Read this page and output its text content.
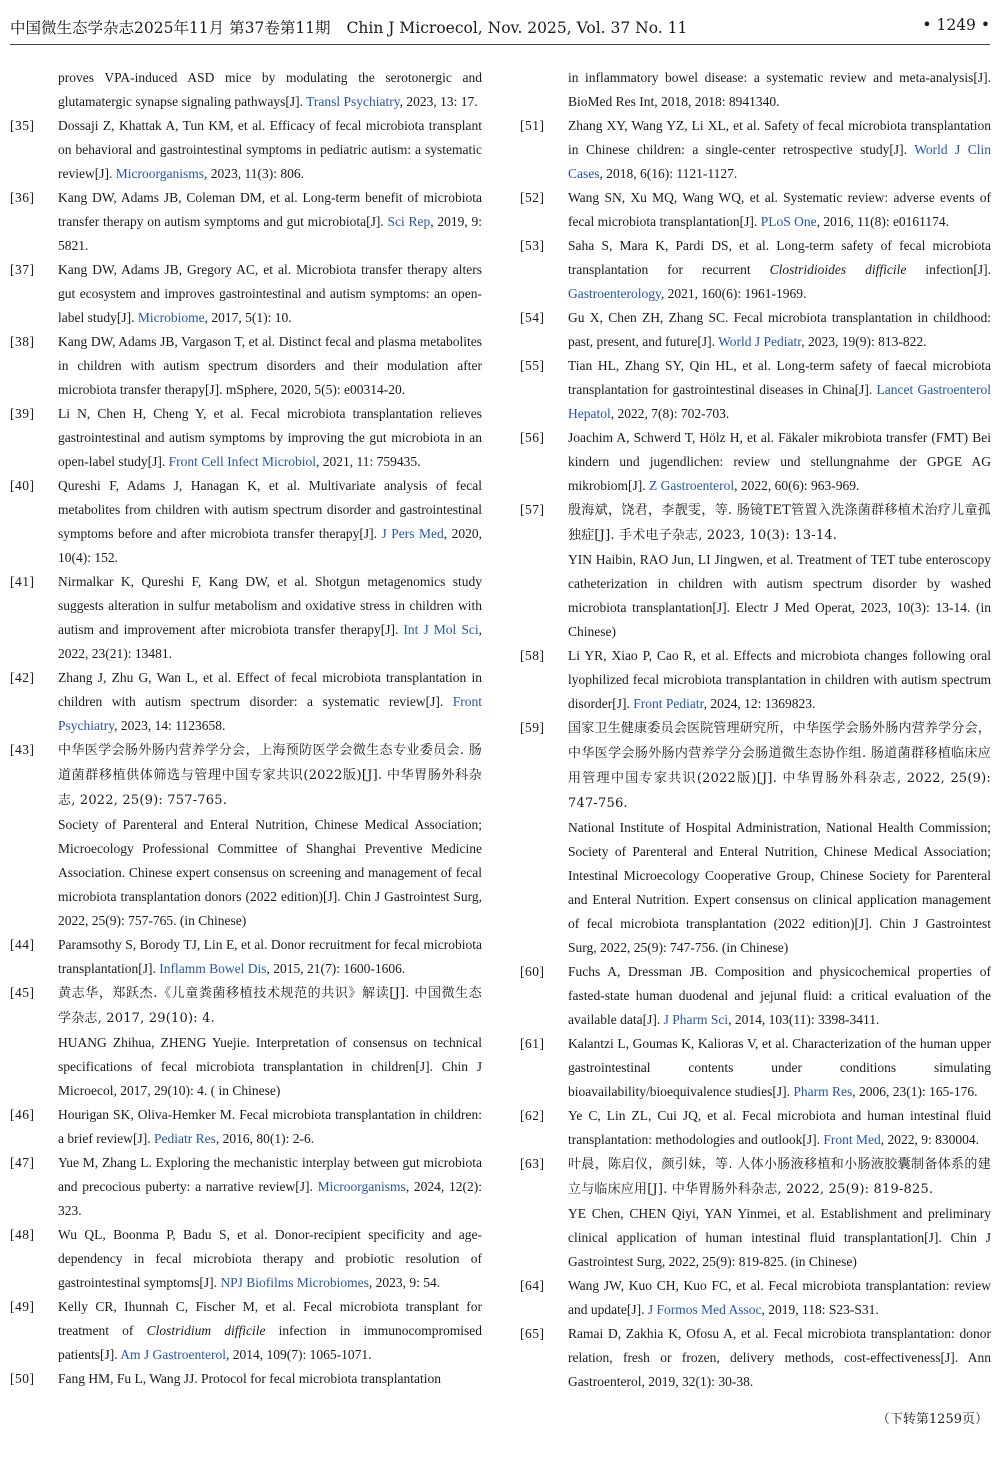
中国微生态学杂志2025年11月 第37卷第11期 Chin J Microecol, Nov. 2025, Vol. 37 No. 11	• 1249 •
proves VPA-induced ASD mice by modulating the serotonergic and glutamatergic synapse signaling pathways[J]. Transl Psychiatry, 2023, 13: 17.
[35] Dossaji Z, Khattak A, Tun KM, et al. Efficacy of fecal microbiota transplant on behavioral and gastrointestinal symptoms in pediatric autism: a systematic review[J]. Microorganisms, 2023, 11(3): 806.
[36] Kang DW, Adams JB, Coleman DM, et al. Long-term benefit of microbiota transfer therapy on autism symptoms and gut microbiota[J]. Sci Rep, 2019, 9: 5821.
[37] Kang DW, Adams JB, Gregory AC, et al. Microbiota transfer therapy alters gut ecosystem and improves gastrointestinal and autism symptoms: an open-label study[J]. Microbiome, 2017, 5(1): 10.
[38] Kang DW, Adams JB, Vargason T, et al. Distinct fecal and plasma metabolites in children with autism spectrum disorders and their modulation after microbiota transfer therapy[J]. mSphere, 2020, 5(5): e00314-20.
[39] Li N, Chen H, Cheng Y, et al. Fecal microbiota transplantation relieves gastrointestinal and autism symptoms by improving the gut microbiota in an open-label study[J]. Front Cell Infect Microbiol, 2021, 11: 759435.
[40] Qureshi F, Adams J, Hanagan K, et al. Multivariate analysis of fecal metabolites from children with autism spectrum disorder and gastrointestinal symptoms before and after microbiota transfer therapy[J]. J Pers Med, 2020, 10(4): 152.
[41] Nirmalkar K, Qureshi F, Kang DW, et al. Shotgun metagenomics study suggests alteration in sulfur metabolism and oxidative stress in children with autism and improvement after microbiota transfer therapy[J]. Int J Mol Sci, 2022, 23(21): 13481.
[42] Zhang J, Zhu G, Wan L, et al. Effect of fecal microbiota transplantation in children with autism spectrum disorder: a systematic review[J]. Front Psychiatry, 2023, 14: 1123658.
[43] 中华医学会肠外肠内营养学分会，上海预防医学会微生态专业委员会. 肠道菌群移植供体筛选与管理中国专家共识(2022版)[J]. 中华胃肠外科杂志, 2022, 25(9): 757-765.
Society of Parenteral and Enteral Nutrition, Chinese Medical Association; Microecology Professional Committee of Shanghai Preventive Medicine Association. Chinese expert consensus on screening and management of fecal microbiota transplantation donors (2022 edition)[J]. Chin J Gastrointest Surg, 2022, 25(9): 757-765. (in Chinese)
[44] Paramsothy S, Borody TJ, Lin E, et al. Donor recruitment for fecal microbiota transplantation[J]. Inflamm Bowel Dis, 2015, 21(7): 1600-1606.
[45] 黄志华，郑跃杰.《儿童粪菌移植技术规范的共识》解读[J]. 中国微生态学杂志, 2017, 29(10): 4.
HUANG Zhihua, ZHENG Yuejie. Interpretation of consensus on technical specifications of fecal microbiota transplantation in children[J]. Chin J Microecol, 2017, 29(10): 4. ( in Chinese)
[46] Hourigan SK, Oliva-Hemker M. Fecal microbiota transplantation in children: a brief review[J]. Pediatr Res, 2016, 80(1): 2-6.
[47] Yue M, Zhang L. Exploring the mechanistic interplay between gut microbiota and precocious puberty: a narrative review[J]. Microorganisms, 2024, 12(2): 323.
[48] Wu QL, Boonma P, Badu S, et al. Donor-recipient specificity and age-dependency in fecal microbiota therapy and probiotic resolution of gastrointestinal symptoms[J]. NPJ Biofilms Microbiomes, 2023, 9: 54.
[49] Kelly CR, Ihunnah C, Fischer M, et al. Fecal microbiota transplant for treatment of Clostridium difficile infection in immunocompromised patients[J]. Am J Gastroenterol, 2014, 109(7): 1065-1071.
[50] Fang HM, Fu L, Wang JJ. Protocol for fecal microbiota transplantation
in inflammatory bowel disease: a systematic review and meta-analysis[J]. BioMed Res Int, 2018, 2018: 8941340.
[51] Zhang XY, Wang YZ, Li XL, et al. Safety of fecal microbiota transplantation in Chinese children: a single-center retrospective study[J]. World J Clin Cases, 2018, 6(16): 1121-1127.
[52] Wang SN, Xu MQ, Wang WQ, et al. Systematic review: adverse events of fecal microbiota transplantation[J]. PLoS One, 2016, 11(8): e0161174.
[53] Saha S, Mara K, Pardi DS, et al. Long-term safety of fecal microbiota transplantation for recurrent Clostridioides difficile infection[J]. Gastroenterology, 2021, 160(6): 1961-1969.
[54] Gu X, Chen ZH, Zhang SC. Fecal microbiota transplantation in childhood: past, present, and future[J]. World J Pediatr, 2023, 19(9): 813-822.
[55] Tian HL, Zhang SY, Qin HL, et al. Long-term safety of faecal microbiota transplantation for gastrointestinal diseases in China[J]. Lancet Gastroenterol Hepatol, 2022, 7(8): 702-703.
[56] Joachim A, Schwerd T, Hölz H, et al. Fäkaler mikrobiota transfer (FMT) Bei kindern und jugendlichen: review und stellungnahme der GPGE AG mikrobiom[J]. Z Gastroenterol, 2022, 60(6): 963-969.
[57] 殷海斌，饶君，李靓雯，等. 肠镜TET管置入洗涤菌群移植术治疗儿童孤独症[J]. 手术电子杂志, 2023, 10(3): 13-14.
YIN Haibin, RAO Jun, LI Jingwen, et al. Treatment of TET tube enteroscopy catheterization in children with autism spectrum disorder by washed microbiota transplantation[J]. Electr J Med Operat, 2023, 10(3): 13-14. (in Chinese)
[58] Li YR, Xiao P, Cao R, et al. Effects and microbiota changes following oral lyophilized fecal microbiota transplantation in children with autism spectrum disorder[J]. Front Pediatr, 2024, 12: 1369823.
[59] 国家卫生健康委员会医院管理研究所，中华医学会肠外肠内营养学分会，中华医学会肠外肠内营养学分会肠道微生态协作组. 肠道菌群移植临床应用管理中国专家共识(2022版)[J]. 中华胃肠外科杂志, 2022, 25(9): 747-756.
National Institute of Hospital Administration, National Health Commission; Society of Parenteral and Enteral Nutrition, Chinese Medical Association; Intestinal Microecology Cooperative Group, Chinese Society for Parenteral and Enteral Nutrition. Expert consensus on clinical application management of fecal microbiota transplantation (2022 edition)[J]. Chin J Gastrointest Surg, 2022, 25(9): 747-756. (in Chinese)
[60] Fuchs A, Dressman JB. Composition and physicochemical properties of fasted-state human duodenal and jejunal fluid: a critical evaluation of the available data[J]. J Pharm Sci, 2014, 103(11): 3398-3411.
[61] Kalantzi L, Goumas K, Kalioras V, et al. Characterization of the human upper gastrointestinal contents under conditions simulating bioavailability/bioequivalence studies[J]. Pharm Res, 2006, 23(1): 165-176.
[62] Ye C, Lin ZL, Cui JQ, et al. Fecal microbiota and human intestinal fluid transplantation: methodologies and outlook[J]. Front Med, 2022, 9: 830004.
[63] 叶晨，陈启仪，颜引妹，等. 人体小肠液移植和小肠液胶囊制备体系的建立与临床应用[J]. 中华胃肠外科杂志, 2022, 25(9): 819-825.
YE Chen, CHEN Qiyi, YAN Yinmei, et al. Establishment and preliminary clinical application of human intestinal fluid transplantation[J]. Chin J Gastrointest Surg, 2022, 25(9): 819-825. (in Chinese)
[64] Wang JW, Kuo CH, Kuo FC, et al. Fecal microbiota transplantation: review and update[J]. J Formos Med Assoc, 2019, 118: S23-S31.
[65] Ramai D, Zakhia K, Ofosu A, et al. Fecal microbiota transplantation: donor relation, fresh or frozen, delivery methods, cost-effectiveness[J]. Ann Gastroenterol, 2019, 32(1): 30-38.
（下转第1259页）
